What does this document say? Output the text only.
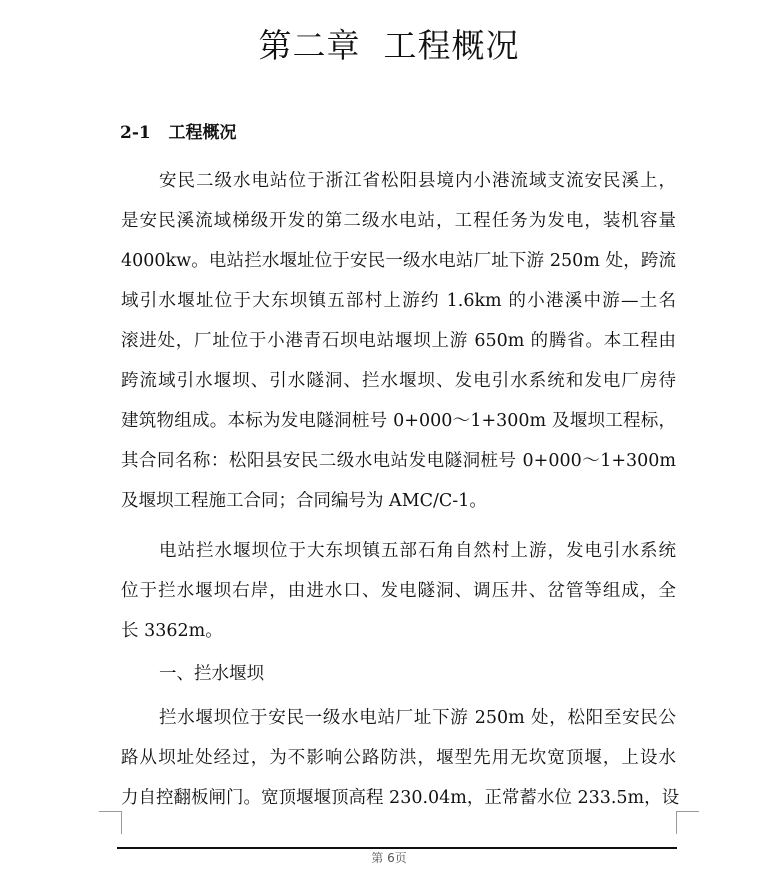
第二章  工程概况
2-1   工程概况
安民二级水电站位于浙江省松阳县境内小港流域支流安民溪上，
是安民溪流域梯级开发的第二级水电站，工程任务为发电，装机容量
4000kw。电站拦水堰址位于安民一级水电站厂址下游 250m 处，跨流
域引水堰址位于大东坝镇五部村上游约 1.6km 的小港溪中游—土名
滚进处，厂址位于小港青石坝电站堰坝上游 650m 的腾省。本工程由
跨流域引水堰坝、引水隧洞、拦水堰坝、发电引水系统和发电厂房待
建筑物组成。本标为发电隧洞桩号 0+000～1+300m 及堰坝工程标，
其合同名称：松阳县安民二级水电站发电隧洞桩号 0+000～1+300m
及堰坝工程施工合同；合同编号为 AMC/C-1。
电站拦水堰坝位于大东坝镇五部石角自然村上游，发电引水系统
位于拦水堰坝右岸，由进水口、发电隧洞、调压井、岔管等组成，全
长 3362m。
一、拦水堰坝
拦水堰坝位于安民一级水电站厂址下游 250m 处，松阳至安民公
路从坝址处经过，为不影响公路防洪，堰型先用无坎宽顶堰，上设水
力自控翻板闸门。宽顶堰堰顶高程 230.04m，正常蓄水位 233.5m，设
第 6页
